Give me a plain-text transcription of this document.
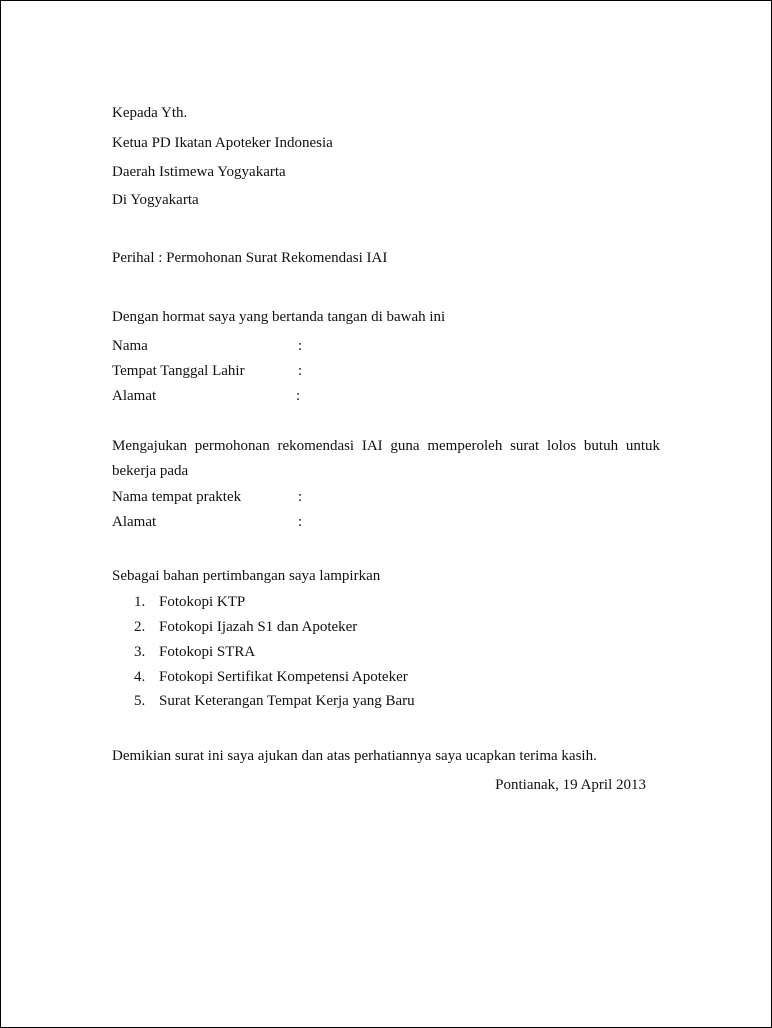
Kepada Yth.
Ketua PD Ikatan Apoteker Indonesia
Daerah Istimewa Yogyakarta
Di Yogyakarta
Perihal : Permohonan Surat Rekomendasi IAI
Dengan hormat saya yang bertanda tangan di bawah ini
Nama	:
Tempat Tanggal Lahir	:
Alamat	:
Mengajukan permohonan rekomendasi IAI guna memperoleh surat lolos butuh untuk
bekerja pada
Nama tempat praktek	:
Alamat	:
Sebagai bahan pertimbangan saya lampirkan
1. Fotokopi KTP
2. Fotokopi Ijazah S1 dan Apoteker
3. Fotokopi STRA
4. Fotokopi Sertifikat Kompetensi Apoteker
5. Surat Keterangan Tempat Kerja yang Baru
Demikian surat ini saya ajukan dan atas perhatiannya saya ucapkan terima kasih.
Pontianak, 19 April 2013
